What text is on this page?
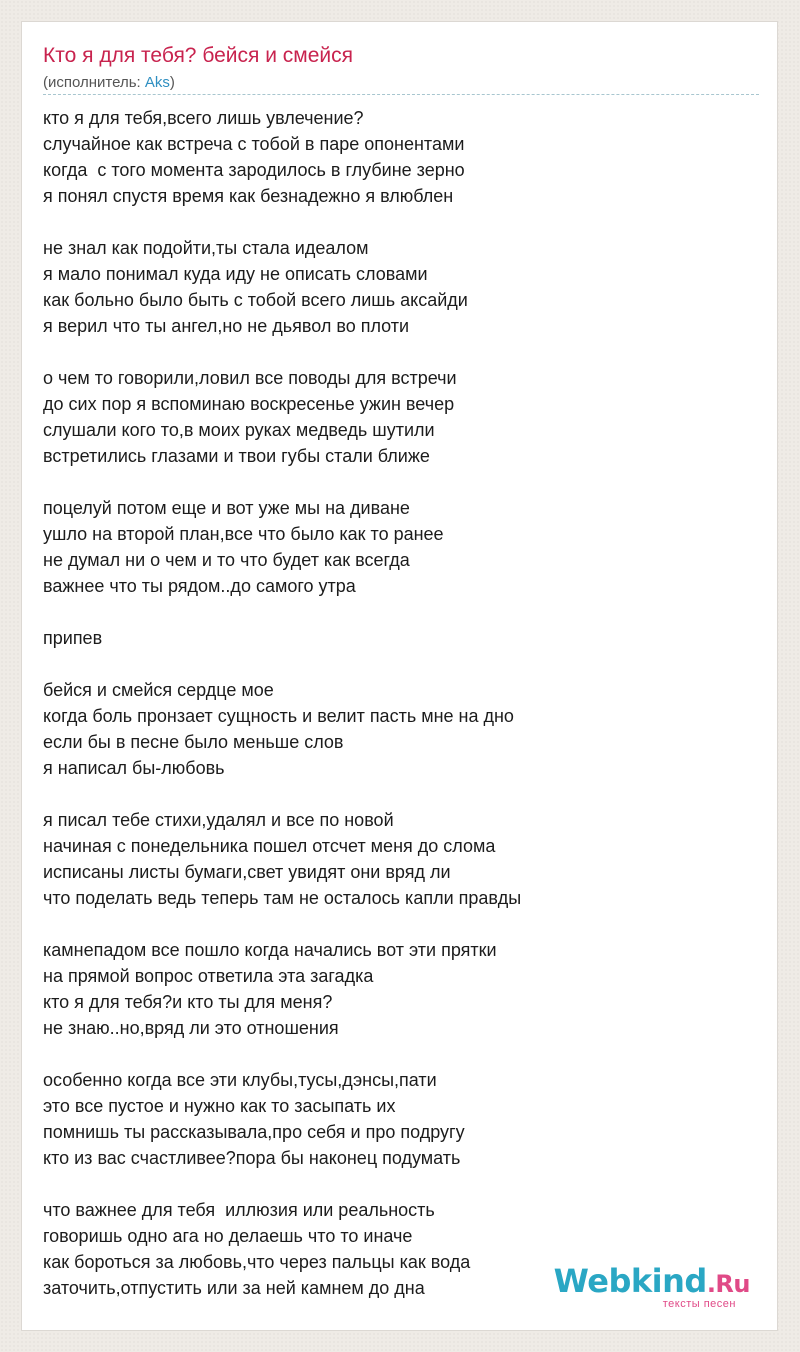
Кто я для тебя? бейся и смейся
(исполнитель: Aks)
кто я для тебя,всего лишь увлечение?
случайное как встреча с тобой в паре опонентами
когда  с того момента зародилось в глубине зерно
я понял спустя время как безнадежно я влюблен
не знал как подойти,ты стала идеалом
я мало понимал куда иду не описать словами
как больно было быть с тобой всего лишь аксайди
я верил что ты ангел,но не дьявол во плоти
о чем то говорили,ловил все поводы для встречи
до сих пор я вспоминаю воскресенье ужин вечер
слушали кого то,в моих руках медведь шутили
встретились глазами и твои губы стали ближе
поцелуй потом еще и вот уже мы на диване
ушло на второй план,все что было как то ранее
не думал ни о чем и то что будет как всегда
важнее что ты рядом..до самого утра
припев
бейся и смейся сердце мое
когда боль пронзает сущность и велит пасть мне на дно
если бы в песне было меньше слов
я написал бы-любовь
я писал тебе стихи,удалял и все по новой
начиная с понедельника пошел отсчет меня до слома
исписаны листы бумаги,свет увидят они вряд ли
что поделать ведь теперь там не осталось капли правды
камнепадом все пошло когда начались вот эти прятки
на прямой вопрос ответила эта загадка
кто я для тебя?и кто ты для меня?
не знаю..но,вряд ли это отношения
особенно когда все эти клубы,тусы,дэнсы,пати
это все пустое и нужно как то засыпать их
помнишь ты рассказывала,про себя и про подругу
кто из вас счастливее?пора бы наконец подумать
что важнее для тебя  иллюзия или реальность
говоришь одно ага но делаешь что то иначе
как бороться за любовь,что через пальцы как вода
заточить,отпустить или за ней камнем до дна	Webkind.Ru
тексты песен
